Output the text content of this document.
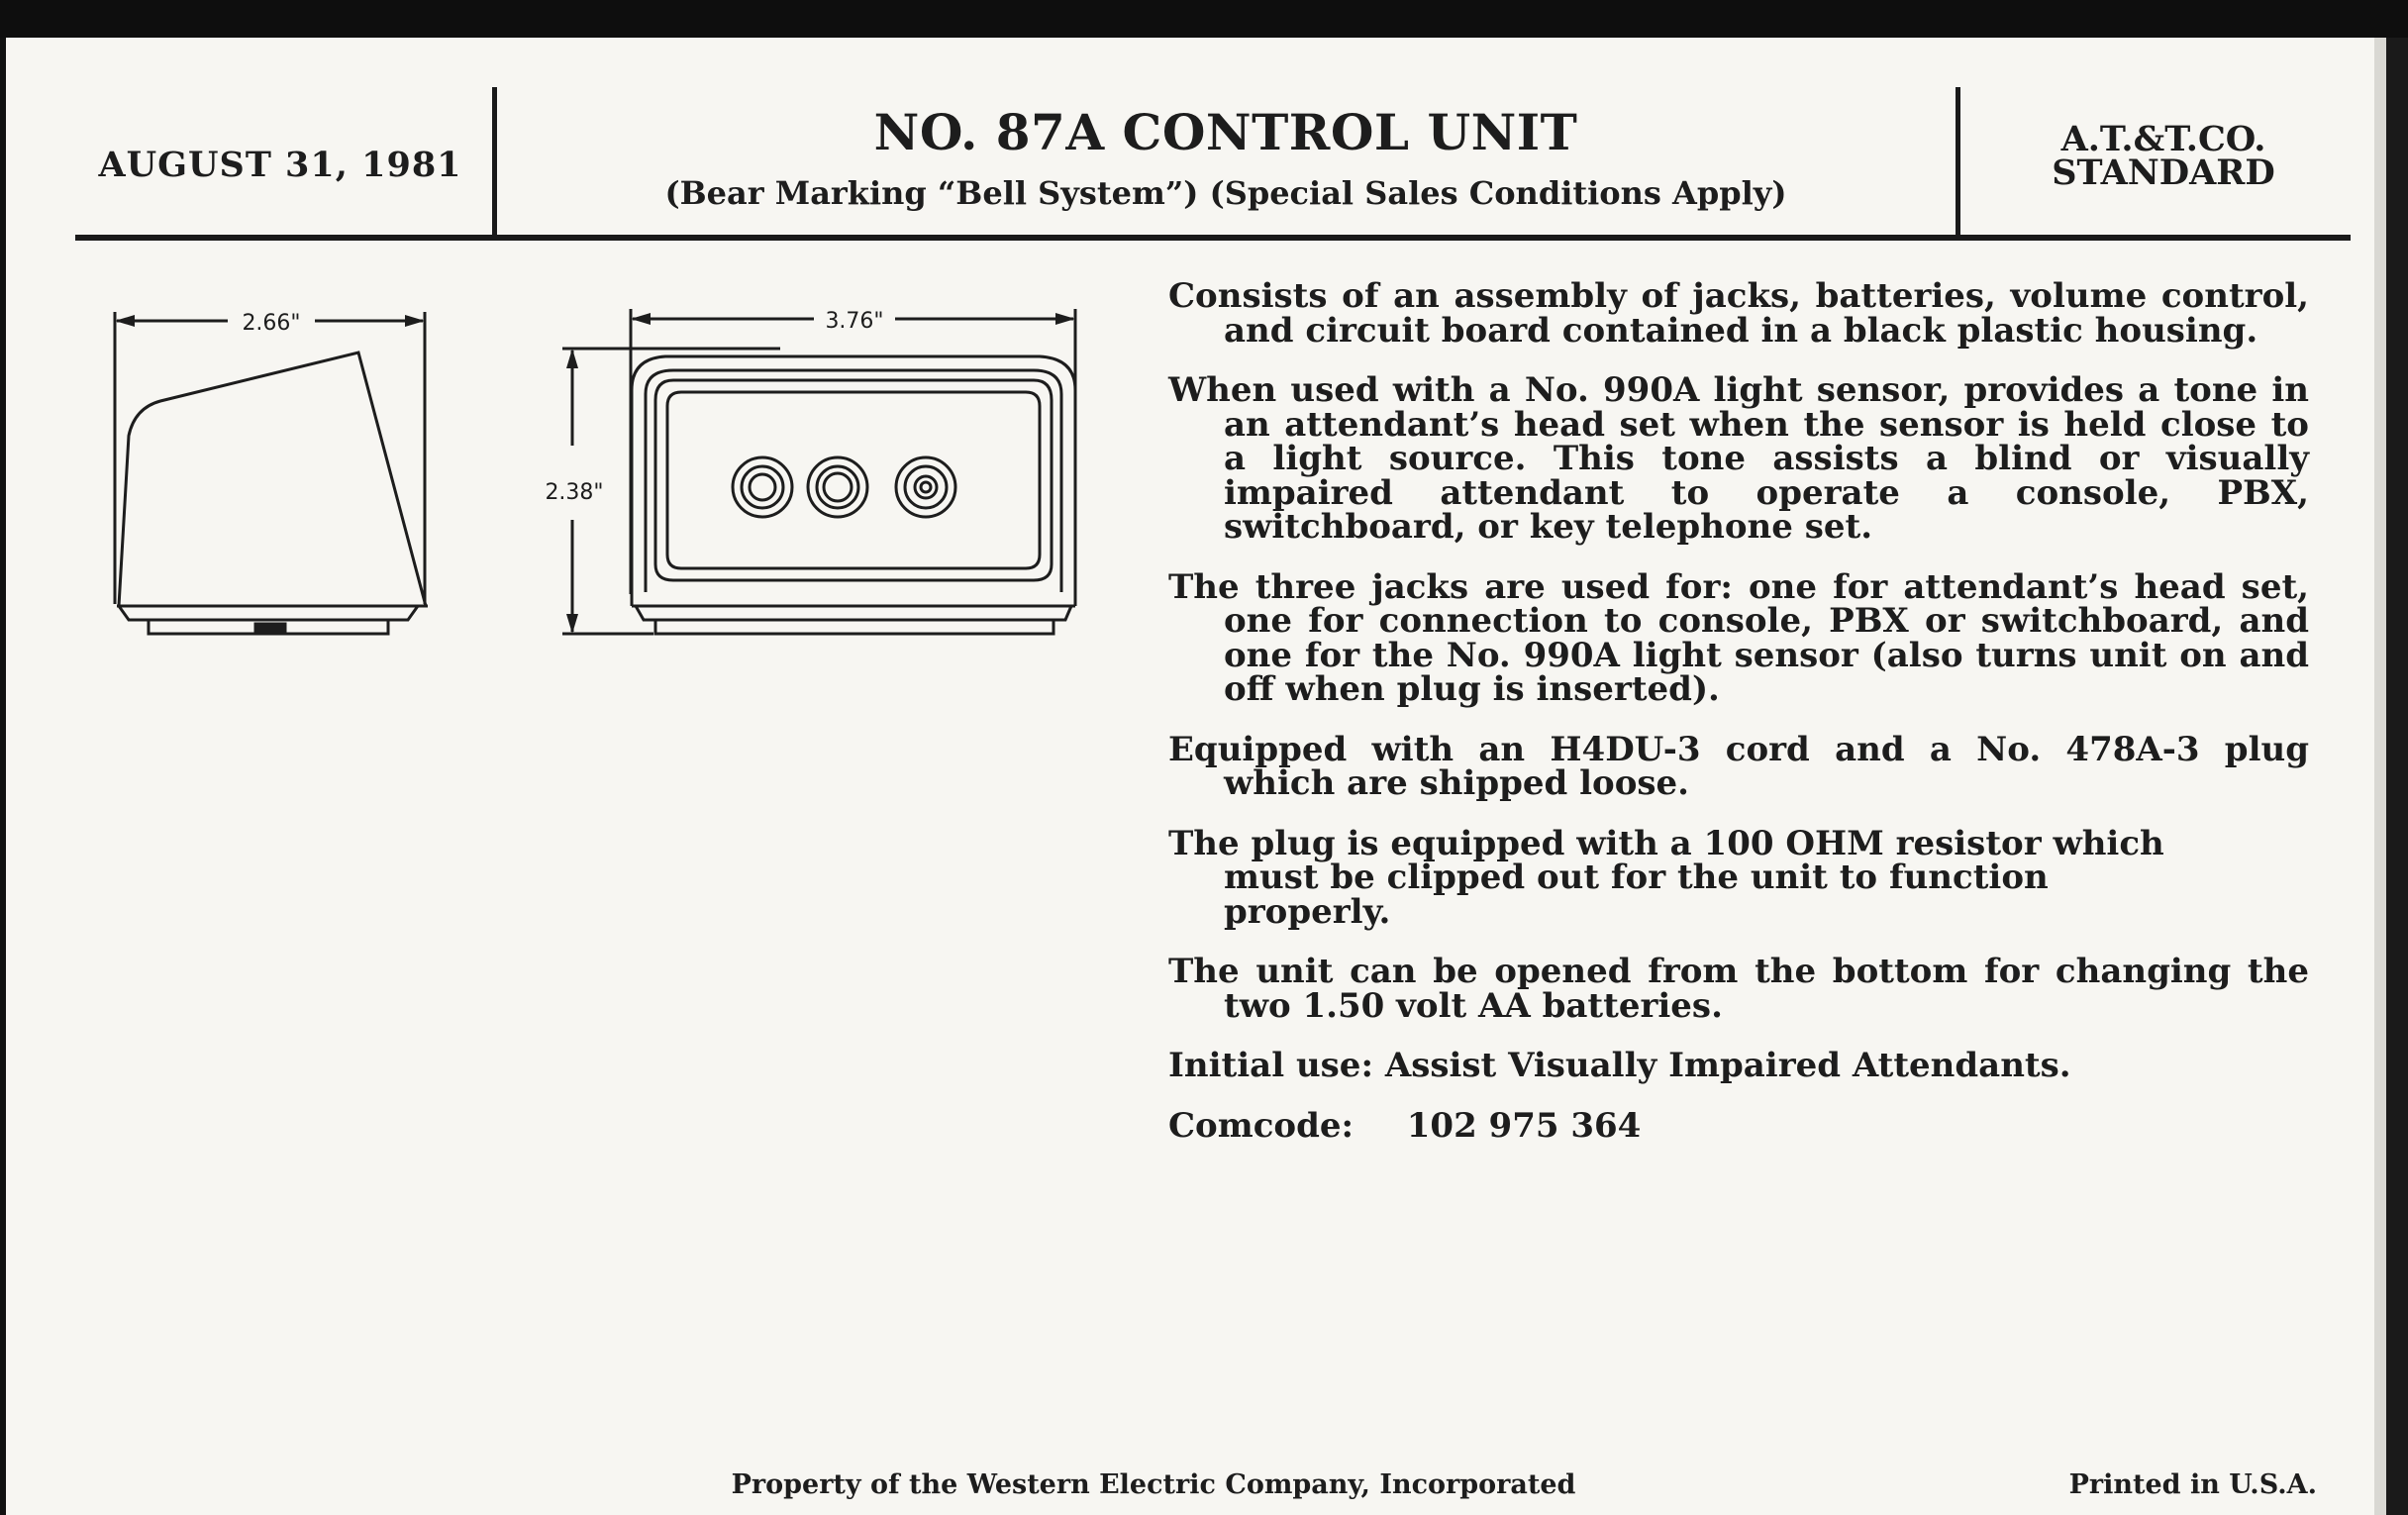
AUGUST 31, 1981
NO. 87A CONTROL UNIT
(Bear Marking “Bell System”) (Special Sales Conditions Apply)
A.T.&T.CO.
STANDARD
2.66"	3.76"
2.38"

Consists of an assembly of jacks, batteries, volume control, and circuit board contained in a black plastic housing.

When used with a No. 990A light sensor, provides a tone in an attendant’s head set when the sensor is held close to a light source. This tone assists a blind or visually impaired attendant to operate a console, PBX, switchboard, or key telephone set.

The three jacks are used for: one for attendant’s head set, one for connection to console, PBX or switchboard, and one for the No. 990A light sensor (also turns unit on and off when plug is inserted).

Equipped with an H4DU-3 cord and a No. 478A-3 plug which are shipped loose.

The plug is equipped with a 100 OHM resistor which must be clipped out for the unit to function properly.

The unit can be opened from the bottom for changing the two 1.50 volt AA batteries.

Initial use: Assist Visually Impaired Attendants.

Comcode: 102 975 364

Property of the Western Electric Company, Incorporated	Printed in U.S.A.
